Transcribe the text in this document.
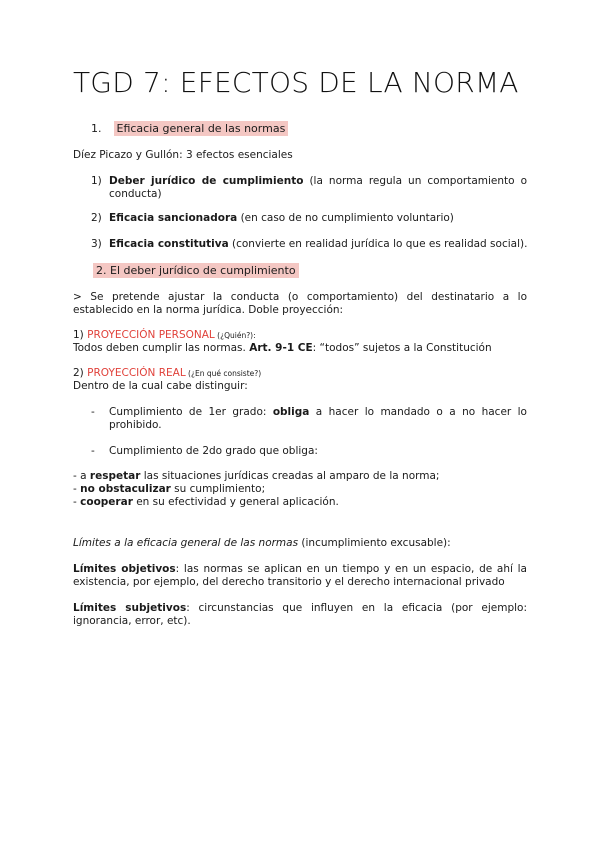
TGD 7: EFECTOS DE LA NORMA
1. Eficacia general de las normas
Díez Picazo y Gullón: 3 efectos esenciales
1) Deber jurídico de cumplimiento (la norma regula un comportamiento o conducta)
2) Eficacia sancionadora (en caso de no cumplimiento voluntario)
3) Eficacia constitutiva (convierte en realidad jurídica lo que es realidad social).
2. El deber jurídico de cumplimiento
> Se pretende ajustar la conducta (o comportamiento) del destinatario a lo establecido en la norma jurídica. Doble proyección:
1) PROYECCIÓN PERSONAL (¿Quién?):
Todos deben cumplir las normas. Art. 9-1 CE: “todos” sujetos a la Constitución
2) PROYECCIÓN REAL (¿En qué consiste?)
Dentro de la cual cabe distinguir:
- Cumplimiento de 1er grado: obliga a hacer lo mandado o a no hacer lo prohibido.
- Cumplimiento de 2do grado que obliga:
- a respetar las situaciones jurídicas creadas al amparo de la norma;
- no obstaculizar su cumplimiento;
- cooperar en su efectividad y general aplicación.
Límites a la eficacia general de las normas (incumplimiento excusable):
Límites objetivos: las normas se aplican en un tiempo y en un espacio, de ahí la existencia, por ejemplo, del derecho transitorio y el derecho internacional privado
Límites subjetivos: circunstancias que influyen en la eficacia (por ejemplo: ignorancia, error, etc).
